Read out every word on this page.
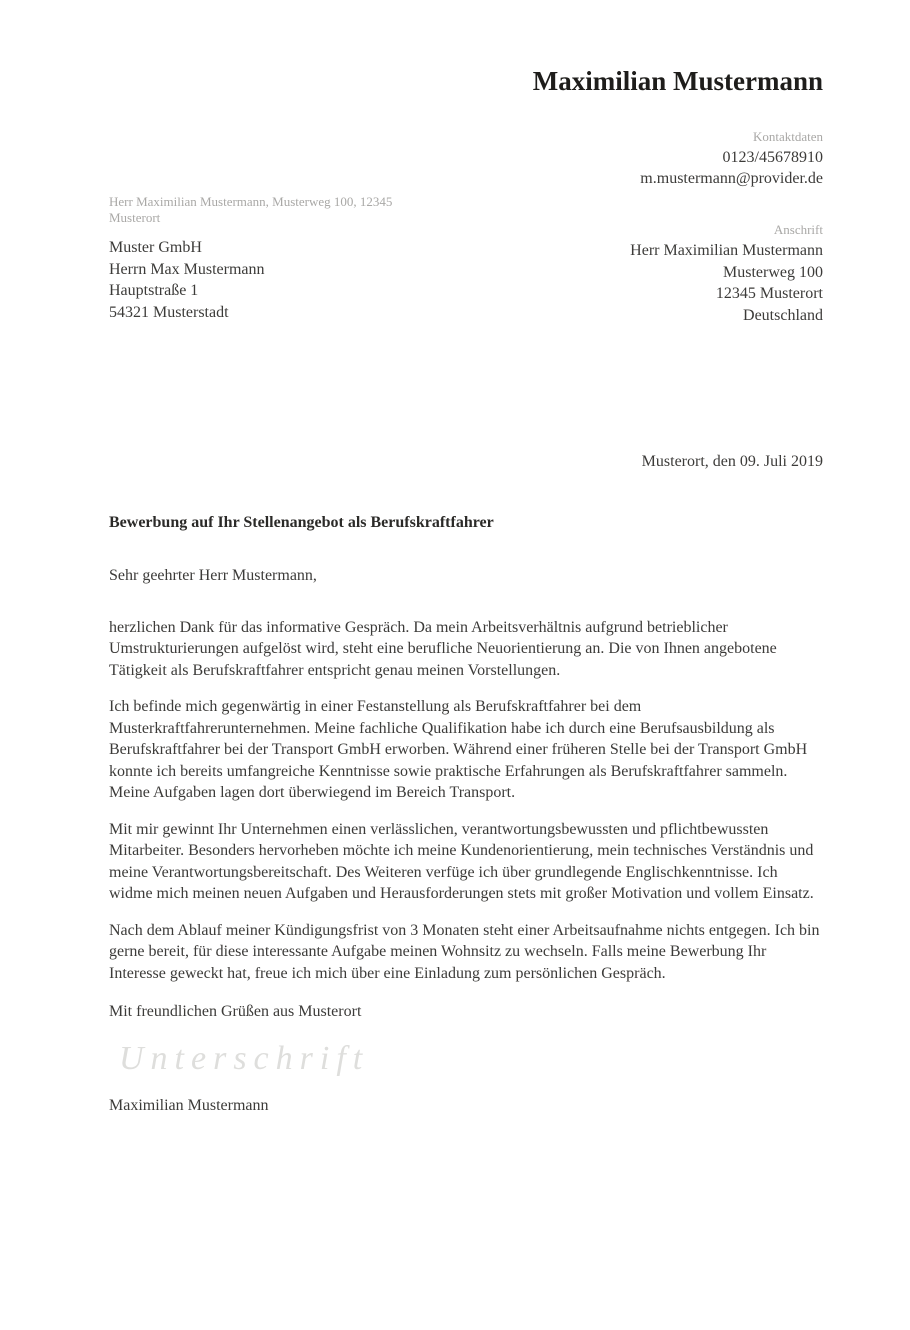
Maximilian Mustermann
Kontaktdaten
0123/45678910
m.mustermann@provider.de
Herr Maximilian Mustermann, Musterweg 100, 12345 Musterort
Muster GmbH
Herrn Max Mustermann
Hauptstraße 1
54321 Musterstadt
Anschrift
Herr Maximilian Mustermann
Musterweg 100
12345 Musterort
Deutschland
Musterort, den 09. Juli 2019
Bewerbung auf Ihr Stellenangebot als Berufskraftfahrer
Sehr geehrter Herr Mustermann,

herzlichen Dank für das informative Gespräch. Da mein Arbeitsverhältnis aufgrund betrieblicher Umstrukturierungen aufgelöst wird, steht eine berufliche Neuorientierung an. Die von Ihnen angebotene Tätigkeit als Berufskraftfahrer entspricht genau meinen Vorstellungen.

Ich befinde mich gegenwärtig in einer Festanstellung als Berufskraftfahrer bei dem Musterkraftfahrerunternehmen. Meine fachliche Qualifikation habe ich durch eine Berufsausbildung als Berufskraftfahrer bei der Transport GmbH erworben. Während einer früheren Stelle bei der Transport GmbH konnte ich bereits umfangreiche Kenntnisse sowie praktische Erfahrungen als Berufskraftfahrer sammeln. Meine Aufgaben lagen dort überwiegend im Bereich Transport.

Mit mir gewinnt Ihr Unternehmen einen verlässlichen, verantwortungsbewussten und pflichtbewussten Mitarbeiter. Besonders hervorheben möchte ich meine Kundenorientierung, mein technisches Verständnis und meine Verantwortungsbereitschaft. Des Weiteren verfüge ich über grundlegende Englischkenntnisse. Ich widme mich meinen neuen Aufgaben und Herausforderungen stets mit großer Motivation und vollem Einsatz.

Nach dem Ablauf meiner Kündigungsfrist von 3 Monaten steht einer Arbeitsaufnahme nichts entgegen. Ich bin gerne bereit, für diese interessante Aufgabe meinen Wohnsitz zu wechseln. Falls meine Bewerbung Ihr Interesse geweckt hat, freue ich mich über eine Einladung zum persönlichen Gespräch.

Mit freundlichen Grüßen aus Musterort
Unterschrift
Maximilian Mustermann
